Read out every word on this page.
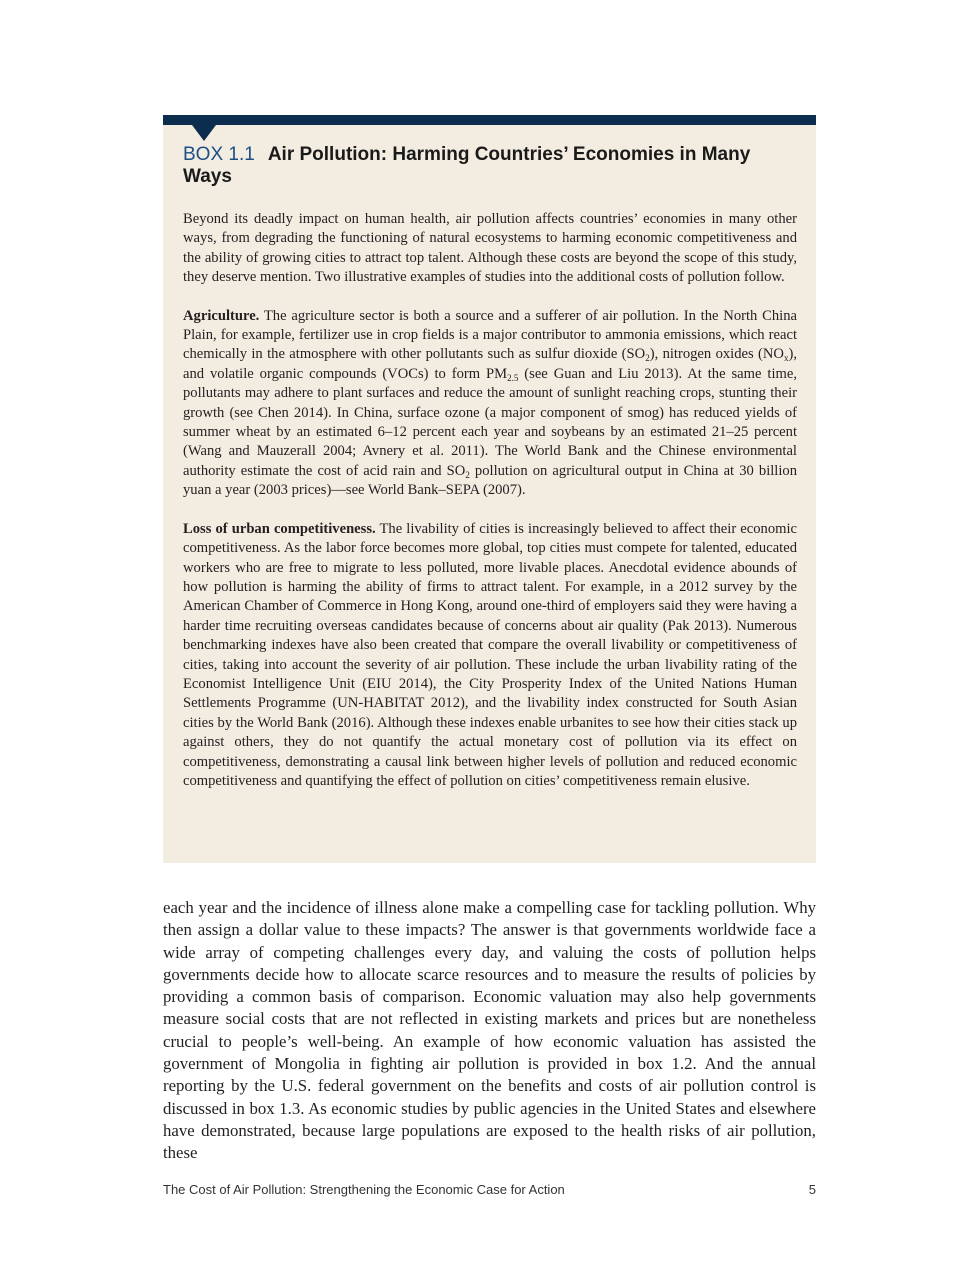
BOX 1.1 Air Pollution: Harming Countries’ Economies in Many Ways

Beyond its deadly impact on human health, air pollution affects countries’ economies in many other ways, from degrading the functioning of natural ecosystems to harming economic competitiveness and the ability of growing cities to attract top talent. Although these costs are beyond the scope of this study, they deserve mention. Two illustrative examples of studies into the additional costs of pollution follow.

Agriculture. The agriculture sector is both a source and a sufferer of air pollution. In the North China Plain, for example, fertilizer use in crop fields is a major contributor to ammonia emissions, which react chemically in the atmosphere with other pollutants such as sulfur dioxide $(SO_2)$, nitrogen oxides $(NO_x)$, and volatile organic compounds (VOCs) to form $PM_{2.5}$ (see Guan and Liu 2013). At the same time, pollutants may adhere to plant surfaces and reduce the amount of sunlight reaching crops, stunting their growth (see Chen 2014). In China, surface ozone (a major component of smog) has reduced yields of summer wheat by an estimated 6–12 percent each year and soybeans by an estimated 21–25 percent (Wang and Mauzerall 2004; Avnery et al. 2011). The World Bank and the Chinese environmental authority estimate the cost of acid rain and $SO_2$ pollution on agricultural output in China at 30 billion yuan a year (2003 prices)—see World Bank–SEPA (2007).

Loss of urban competitiveness. The livability of cities is increasingly believed to affect their economic competitiveness. As the labor force becomes more global, top cities must compete for talented, educated workers who are free to migrate to less polluted, more livable places. Anecdotal evidence abounds of how pollution is harming the ability of firms to attract talent. For example, in a 2012 survey by the American Chamber of Commerce in Hong Kong, around one-third of employers said they were having a harder time recruiting overseas candidates because of concerns about air quality (Pak 2013). Numerous benchmarking indexes have also been created that compare the overall livability or competitiveness of cities, taking into account the severity of air pollution. These include the urban livability rating of the Economist Intelligence Unit (EIU 2014), the City Prosperity Index of the United Nations Human Settlements Programme (UN-HABITAT 2012), and the livability index constructed for South Asian cities by the World Bank (2016). Although these indexes enable urbanites to see how their cities stack up against others, they do not quantify the actual monetary cost of pollution via its effect on competitiveness, demonstrating a causal link between higher levels of pollution and reduced economic competitiveness and quantifying the effect of pollution on cities’ competitiveness remain elusive.

each year and the incidence of illness alone make a compelling case for tackling pollution. Why then assign a dollar value to these impacts? The answer is that governments worldwide face a wide array of competing challenges every day, and valuing the costs of pollution helps governments decide how to allocate scarce resources and to measure the results of policies by providing a common basis of comparison. Economic valuation may also help governments measure social costs that are not reflected in existing markets and prices but are nonetheless crucial to people’s well-being. An example of how economic valuation has assisted the government of Mongolia in fighting air pollution is provided in box 1.2. And the annual reporting by the U.S. federal government on the benefits and costs of air pollution control is discussed in box 1.3. As economic studies by public agencies in the United States and elsewhere have demonstrated, because large populations are exposed to the health risks of air pollution, these

The Cost of Air Pollution: Strengthening the Economic Case for Action	5
